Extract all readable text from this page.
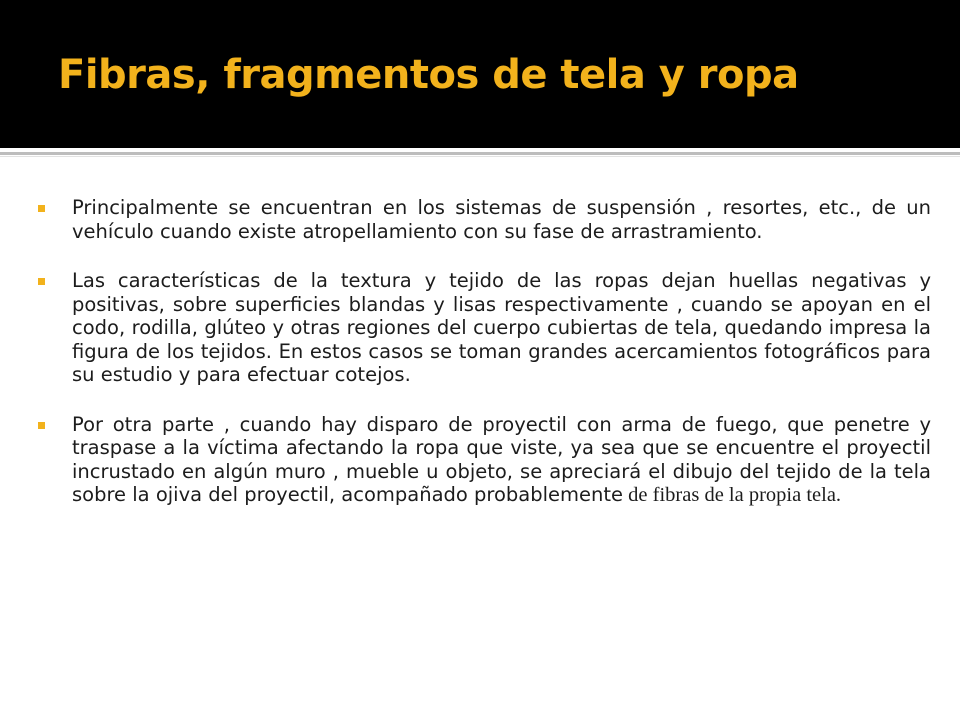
Fibras, fragmentos de tela y ropa

Principalmente se encuentran en los sistemas de suspensión , resortes, etc., de un vehículo cuando existe atropellamiento con su fase de arrastramiento.

Las características de la textura y tejido de las ropas dejan huellas negativas y positivas, sobre superficies blandas y lisas respectivamente , cuando se apoyan en el codo, rodilla, glúteo y otras regiones del cuerpo cubiertas de tela, quedando impresa la figura de los tejidos. En estos casos se toman grandes acercamientos fotográficos para su estudio y para efectuar cotejos.

Por otra parte , cuando hay disparo de proyectil con arma de fuego, que penetre y traspase a la víctima afectando la ropa que viste, ya sea que se encuentre el proyectil incrustado en algún muro , mueble u objeto, se apreciará el dibujo del tejido de la tela sobre la ojiva del proyectil, acompañado probablemente de fibras de la propia tela.
